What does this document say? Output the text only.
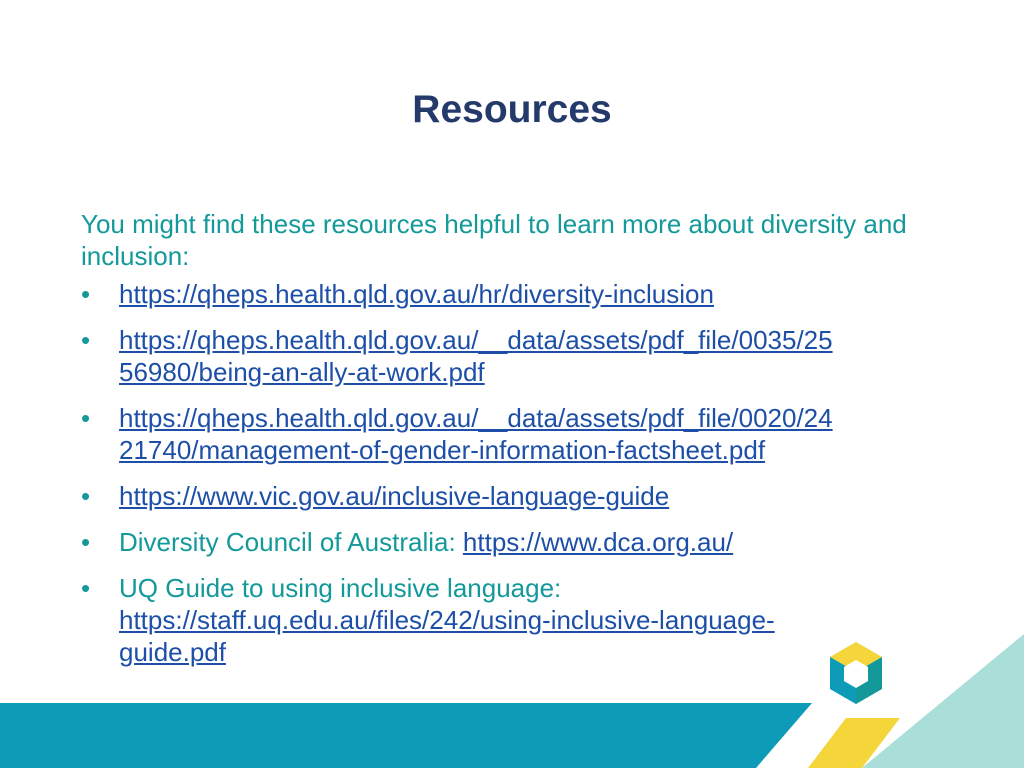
Resources

You might find these resources helpful to learn more about diversity and inclusion:

• https://qheps.health.qld.gov.au/hr/diversity-inclusion
• https://qheps.health.qld.gov.au/__data/assets/pdf_file/0035/25
56980/being-an-ally-at-work.pdf
• https://qheps.health.qld.gov.au/__data/assets/pdf_file/0020/24
21740/management-of-gender-information-factsheet.pdf
• https://www.vic.gov.au/inclusive-language-guide
• Diversity Council of Australia: https://www.dca.org.au/
• UQ Guide to using inclusive language:
https://staff.uq.edu.au/files/242/using-inclusive-language-
guide.pdf
